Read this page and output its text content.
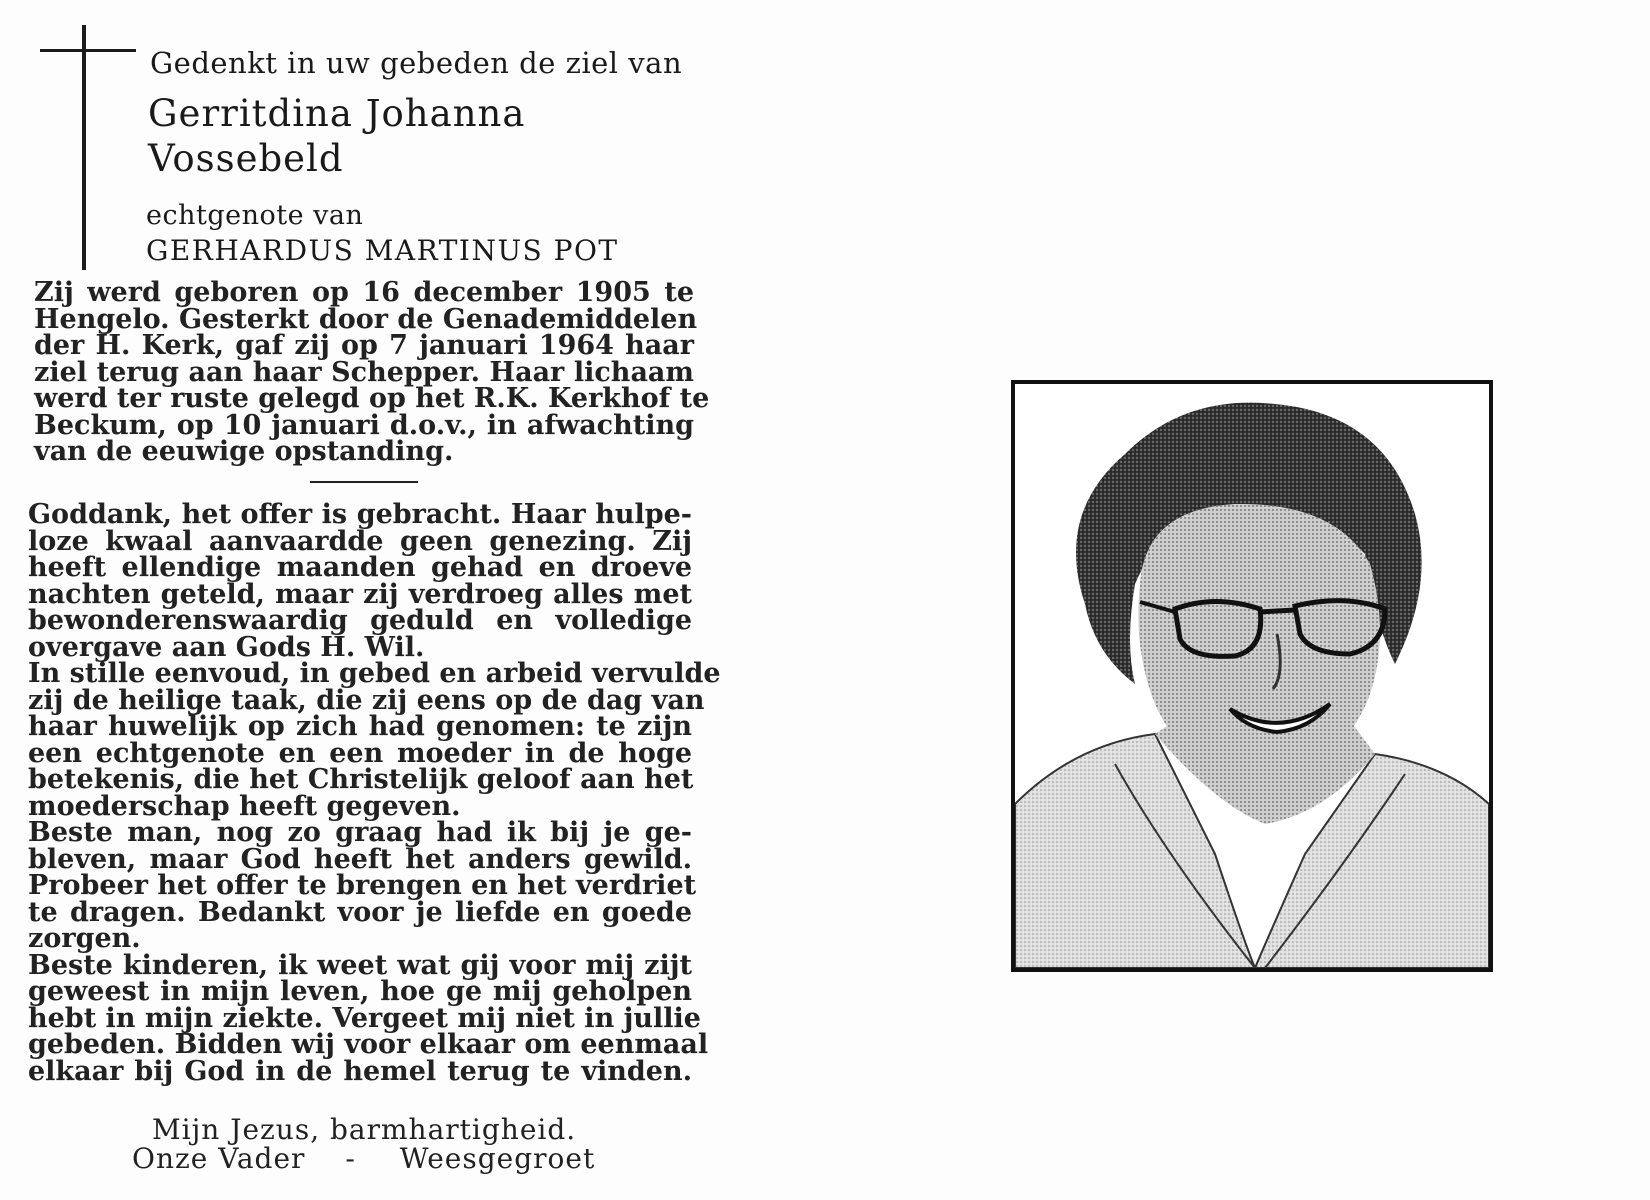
Gedenkt in uw gebeden de ziel van
Gerritdina Johanna
Vossebeld
echtgenote van
GERHARDUS MARTINUS POT
Zij werd geboren op 16 december 1905 te
Hengelo. Gesterkt door de Genademiddelen
der H. Kerk, gaf zij op 7 januari 1964 haar
ziel terug aan haar Schepper. Haar lichaam
werd ter ruste gelegd op het R.K. Kerkhof te
Beckum, op 10 januari d.o.v., in afwachting
van de eeuwige opstanding.
Goddank, het offer is gebracht. Haar hulpe-
loze kwaal aanvaardde geen genezing. Zij
heeft ellendige maanden gehad en droeve
nachten geteld, maar zij verdroeg alles met
bewonderenswaardig geduld en volledige
overgave aan Gods H. Wil.
In stille eenvoud, in gebed en arbeid vervulde
zij de heilige taak, die zij eens op de dag van
haar huwelijk op zich had genomen: te zijn
een echtgenote en een moeder in de hoge
betekenis, die het Christelijk geloof aan het
moederschap heeft gegeven.
Beste man, nog zo graag had ik bij je ge-
bleven, maar God heeft het anders gewild.
Probeer het offer te brengen en het verdriet
te dragen. Bedankt voor je liefde en goede
zorgen.
Beste kinderen, ik weet wat gij voor mij zijt
geweest in mijn leven, hoe ge mij geholpen
hebt in mijn ziekte. Vergeet mij niet in jullie
gebeden. Bidden wij voor elkaar om eenmaal
elkaar bij God in de hemel terug te vinden.
Mijn Jezus, barmhartigheid.
Onze Vader - Weesgegroet
